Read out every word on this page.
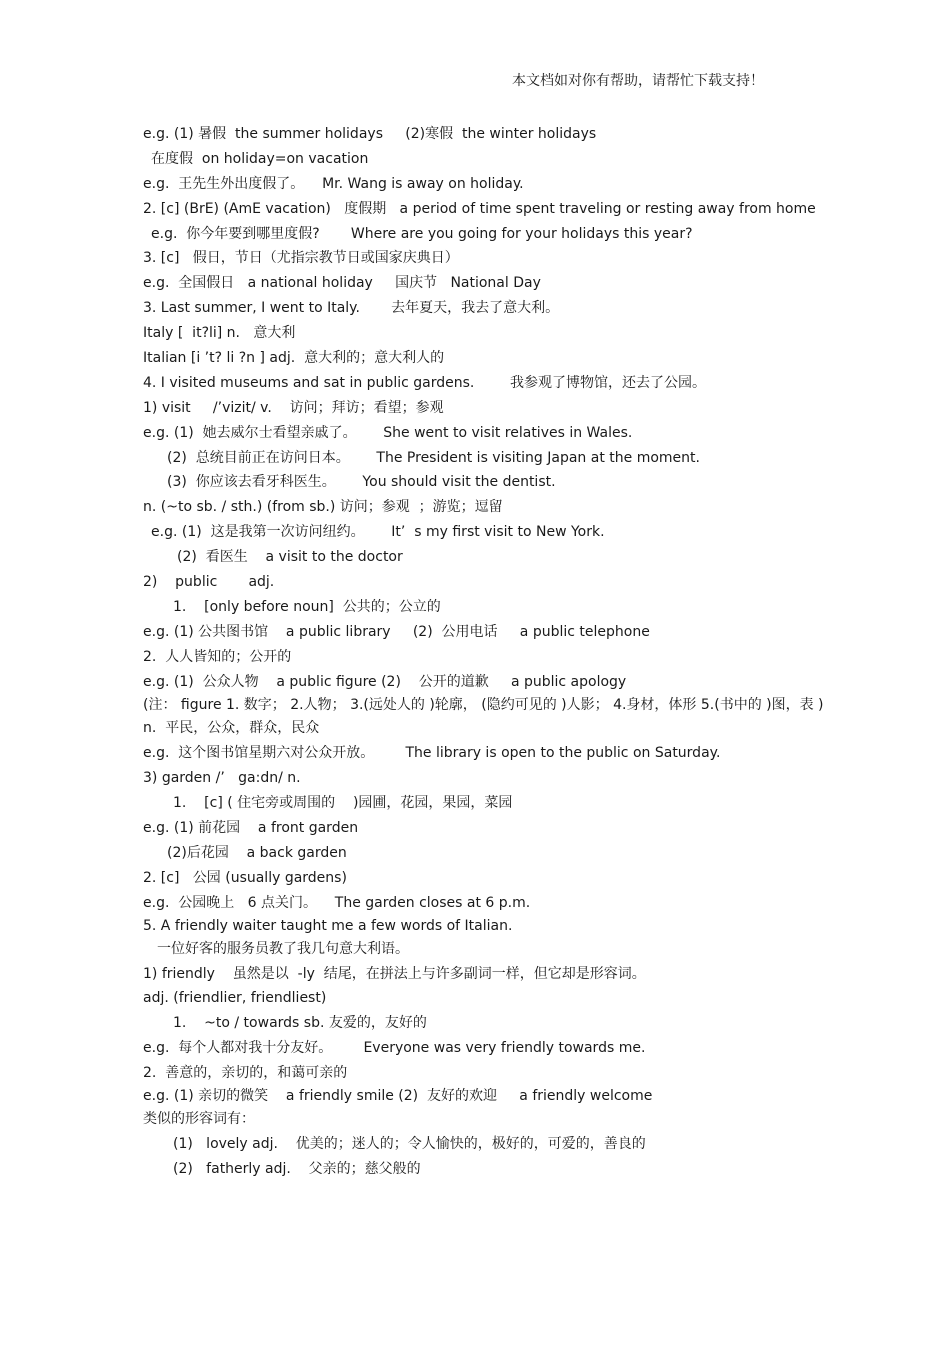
本文档如对你有帮助，请帮忙下载支持！
e.g. (1) 暑假  the summer holidays     (2)寒假  the winter holidays
在度假  on holiday=on vacation
e.g.  王先生外出度假了。    Mr. Wang is away on holiday.
2. [c] (BrE) (AmE vacation)   度假期   a period of time spent traveling or resting away from home
e.g.  你今年要到哪里度假?       Where are you going for your holidays this year?
3. [c]   假日，节日（尤指宗教节日或国家庆典日）
e.g.  全国假日   a national holiday     国庆节   National Day
3. Last summer, I went to Italy.       去年夏天，我去了意大利。
Italy [  it?li] n.   意大利
Italian [i ’t? li ?n ] adj.  意大利的；意大利人的
4. I visited museums and sat in public gardens.        我参观了博物馆，还去了公园。
1) visit     /’vizit/ v.    访问；拜访；看望；参观
e.g. (1)  她去威尔士看望亲戚了。      She went to visit relatives in Wales.
(2)  总统目前正在访问日本。      The President is visiting Japan at the moment.
(3)  你应该去看牙科医生。      You should visit the dentist.
n. (~to sb. / sth.) (from sb.) 访问；参观  ；游览；逗留
e.g. (1)  这是我第一次访问纽约。      It’  s my first visit to New York.
(2)  看医生    a visit to the doctor
2)    public       adj.
1.    [only before noun]  公共的；公立的
e.g. (1) 公共图书馆    a public library     (2)  公用电话     a public telephone
2.  人人皆知的；公开的
e.g. (1)  公众人物    a public figure (2)    公开的道歉     a public apology
(注： figure 1. 数字； 2.人物； 3.(远处人的 )轮廓， (隐约可见的 )人影； 4.身材，体形 5.(书中的 )图，表 )
n.  平民，公众，群众，民众
e.g.  这个图书馆星期六对公众开放。       The library is open to the public on Saturday.
3) garden /’   ga:dn/ n.
1.    [c] ( 住宅旁或周围的    )园圃，花园，果园，菜园
e.g. (1) 前花园    a front garden
(2)后花园    a back garden
2. [c]   公园 (usually gardens)
e.g.  公园晚上   6 点关门。    The garden closes at 6 p.m.
5. A friendly waiter taught me a few words of Italian.
一位好客的服务员教了我几句意大利语。
1) friendly    虽然是以  -ly  结尾，在拼法上与许多副词一样，但它却是形容词。
adj. (friendlier, friendliest)
1.    ~to / towards sb. 友爱的，友好的
e.g.  每个人都对我十分友好。       Everyone was very friendly towards me.
2.  善意的，亲切的，和蔼可亲的
e.g. (1) 亲切的微笑    a friendly smile (2)  友好的欢迎     a friendly welcome
类似的形容词有：
(1)   lovely adj.    优美的；迷人的；令人愉快的，极好的，可爱的，善良的
(2)   fatherly adj.    父亲的；慈父般的
